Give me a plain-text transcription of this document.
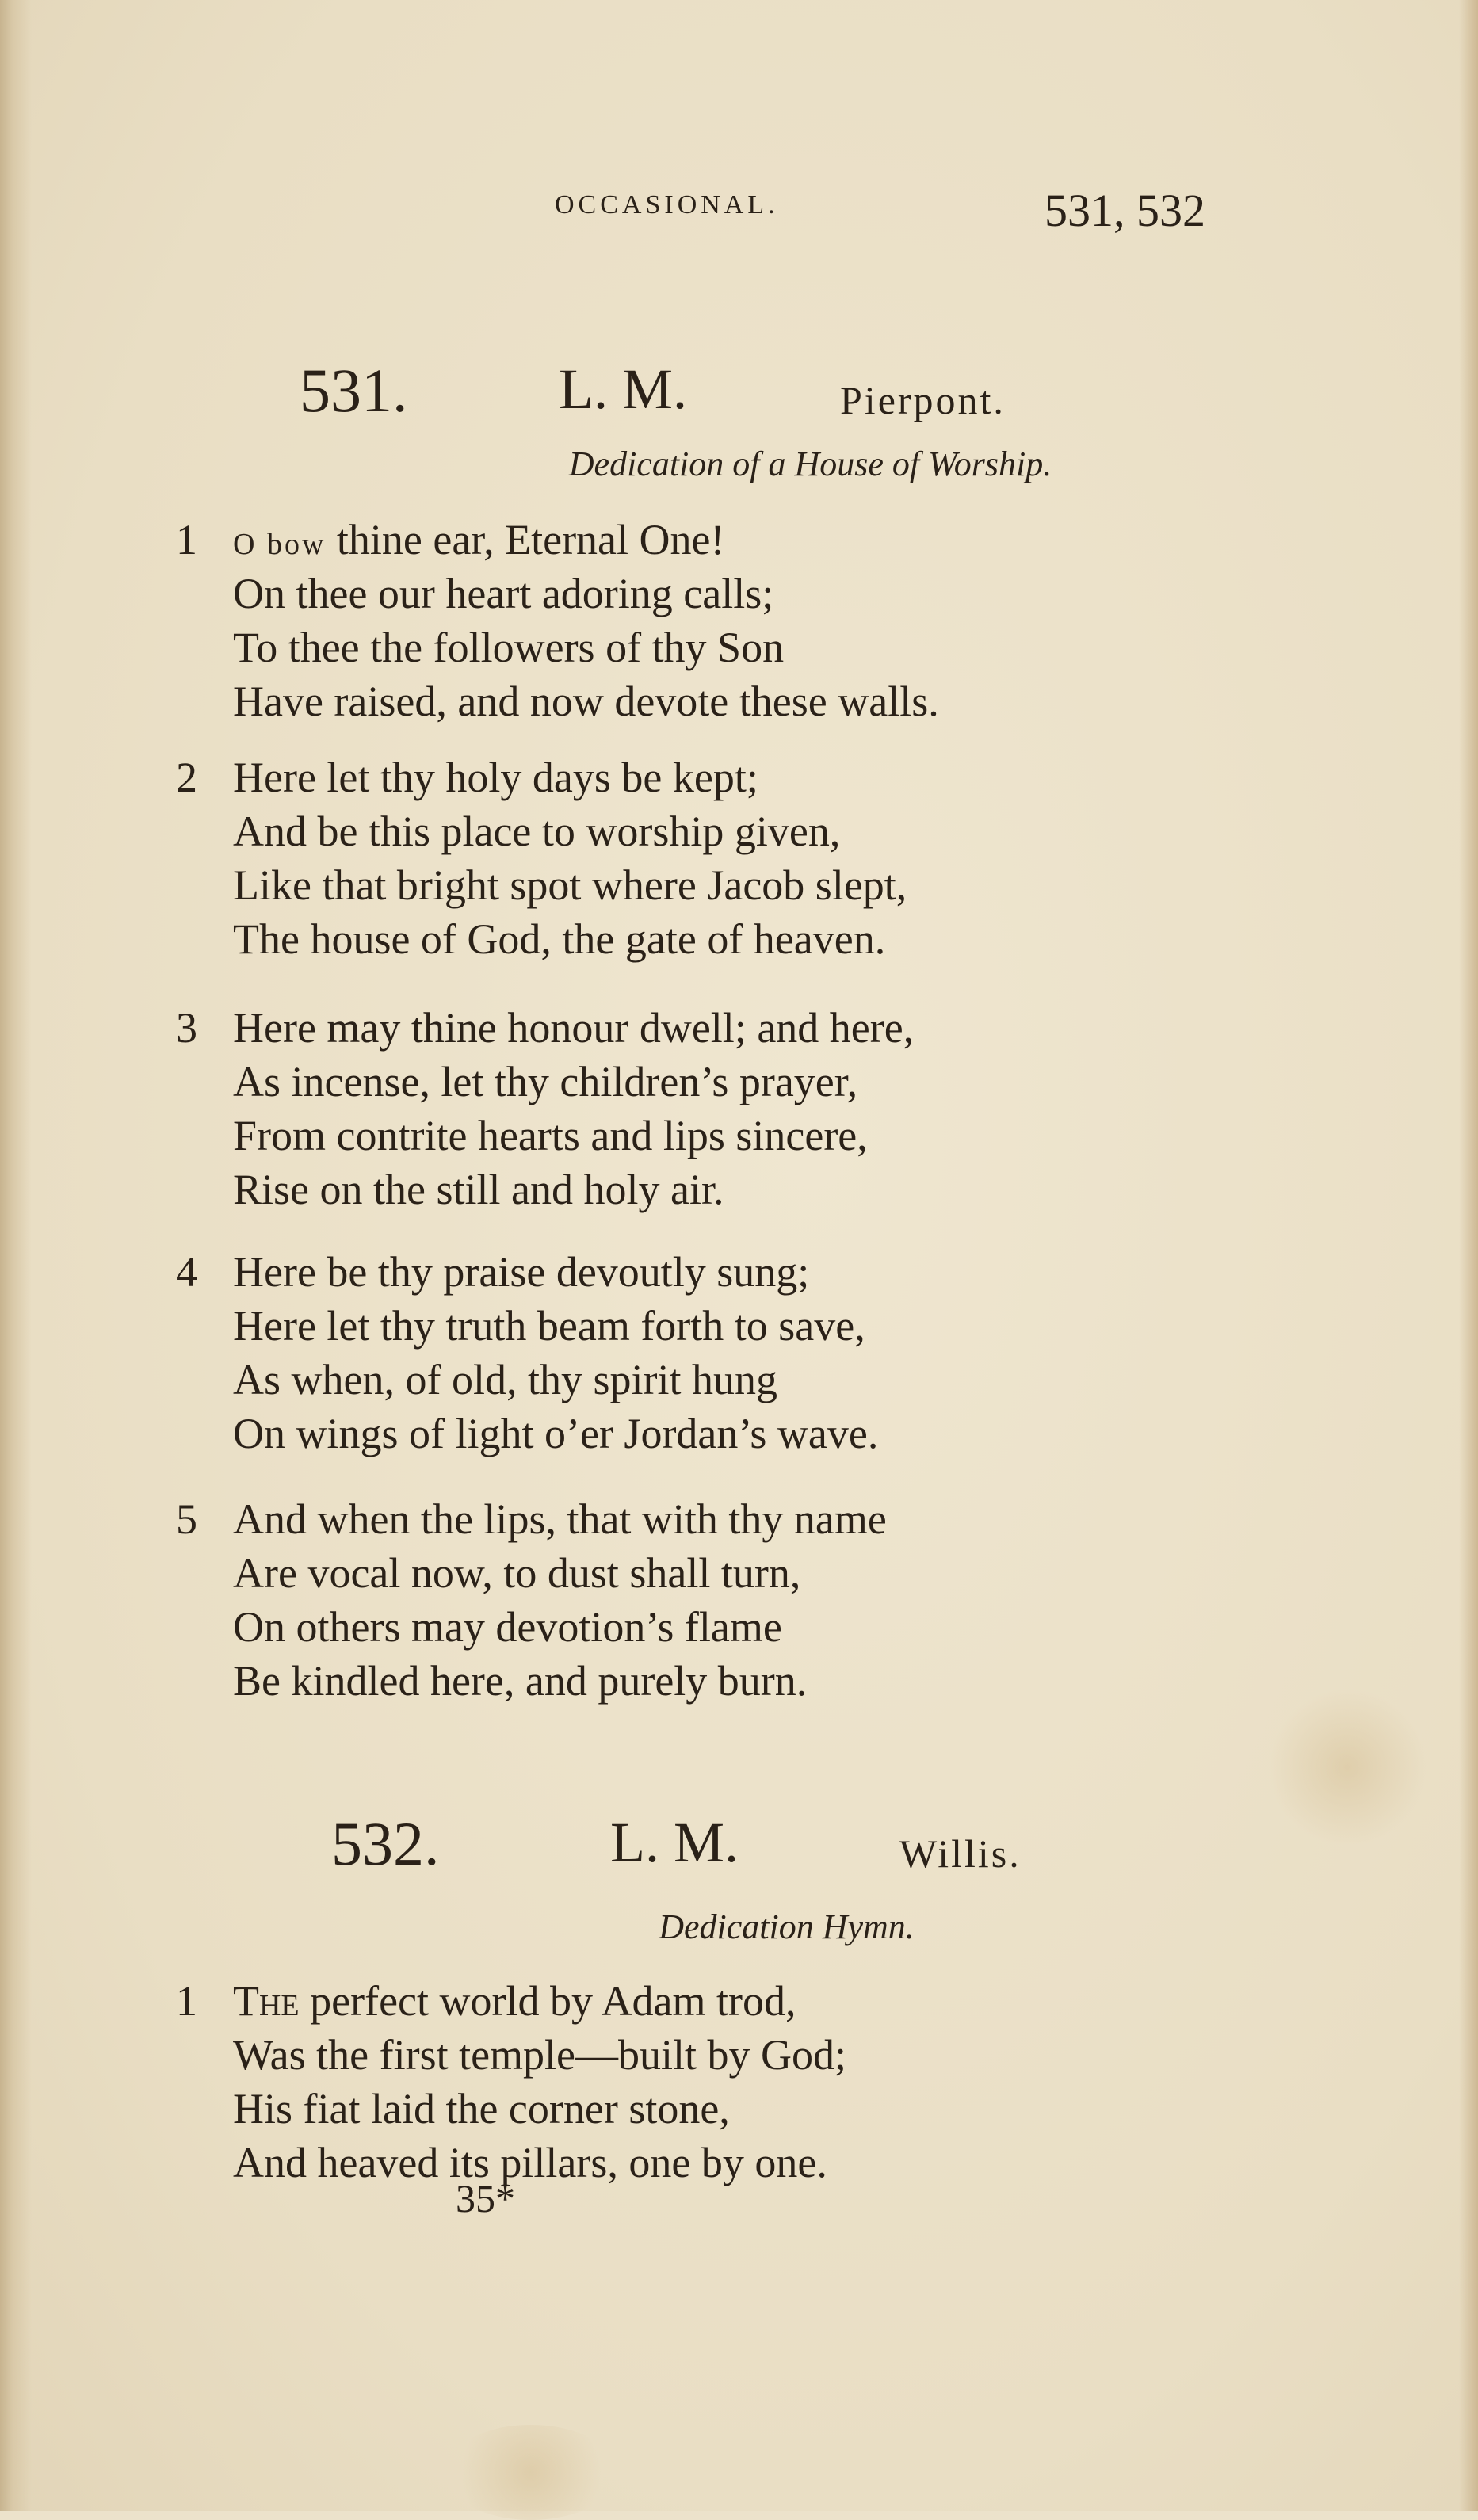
OCCASIONAL.	531, 532
531.	L. M.	Pierpont.
Dedication of a House of Worship.
1 O bow thine ear, Eternal One!
On thee our heart adoring calls;
To thee the followers of thy Son
Have raised, and now devote these walls.
2 Here let thy holy days be kept;
And be this place to worship given,
Like that bright spot where Jacob slept,
The house of God, the gate of heaven.
3 Here may thine honour dwell; and here,
As incense, let thy children’s prayer,
From contrite hearts and lips sincere,
Rise on the still and holy air.
4 Here be thy praise devoutly sung;
Here let thy truth beam forth to save,
As when, of old, thy spirit hung
On wings of light o’er Jordan’s wave.
5 And when the lips, that with thy name
Are vocal now, to dust shall turn,
On others may devotion’s flame
Be kindled here, and purely burn.
532.	L. M.	Willis.
Dedication Hymn.
1 The perfect world by Adam trod,
Was the first temple—built by God;
His fiat laid the corner stone,
And heaved its pillars, one by one.
35*
